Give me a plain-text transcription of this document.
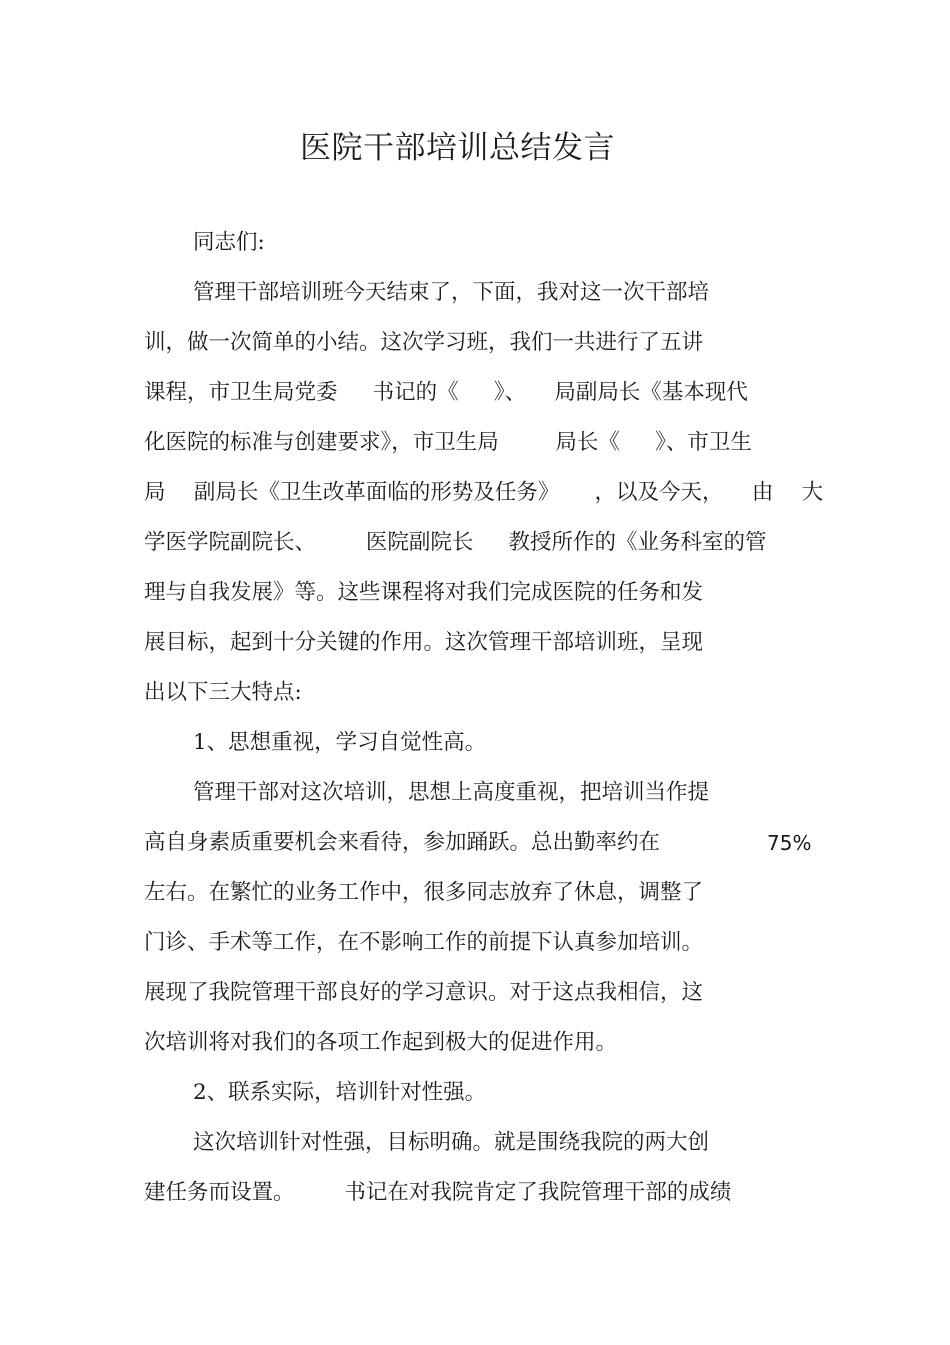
医院干部培训总结发言
同志们:
管理干部培训班今天结束了，下面，我对这一次干部培
训，做一次简单的小结。这次学习班，我们一共进行了五讲
课程，市卫生局党委 　 书记的《 　 》、 　局副局长《基本现代
化医院的标准与创建要求》，市卫生局 　　 局长《 　 》、市卫生
局 　副局长《卫生改革面临的形势及任务》 　 ，以及今天， 　由 　大
学医学院副院长、 　　医院副院长 　 教授所作的《业务科室的管
理与自我发展》等。这些课程将对我们完成医院的任务和发
展目标，起到十分关键的作用。这次管理干部培训班，呈现
出以下三大特点:
1、思想重视，学习自觉性高。
管理干部对这次培训，思想上高度重视，把培训当作提
高自身素质重要机会来看待，参加踊跃。总出勤率约在	75%
左右。在繁忙的业务工作中，很多同志放弃了休息，调整了
门诊、手术等工作，在不影响工作的前提下认真参加培训。
展现了我院管理干部良好的学习意识。对于这点我相信，这
次培训将对我们的各项工作起到极大的促进作用。
2、联系实际，培训针对性强。
这次培训针对性强，目标明确。就是围绕我院的两大创
建任务而设置。 　　书记在对我院肯定了我院管理干部的成绩
